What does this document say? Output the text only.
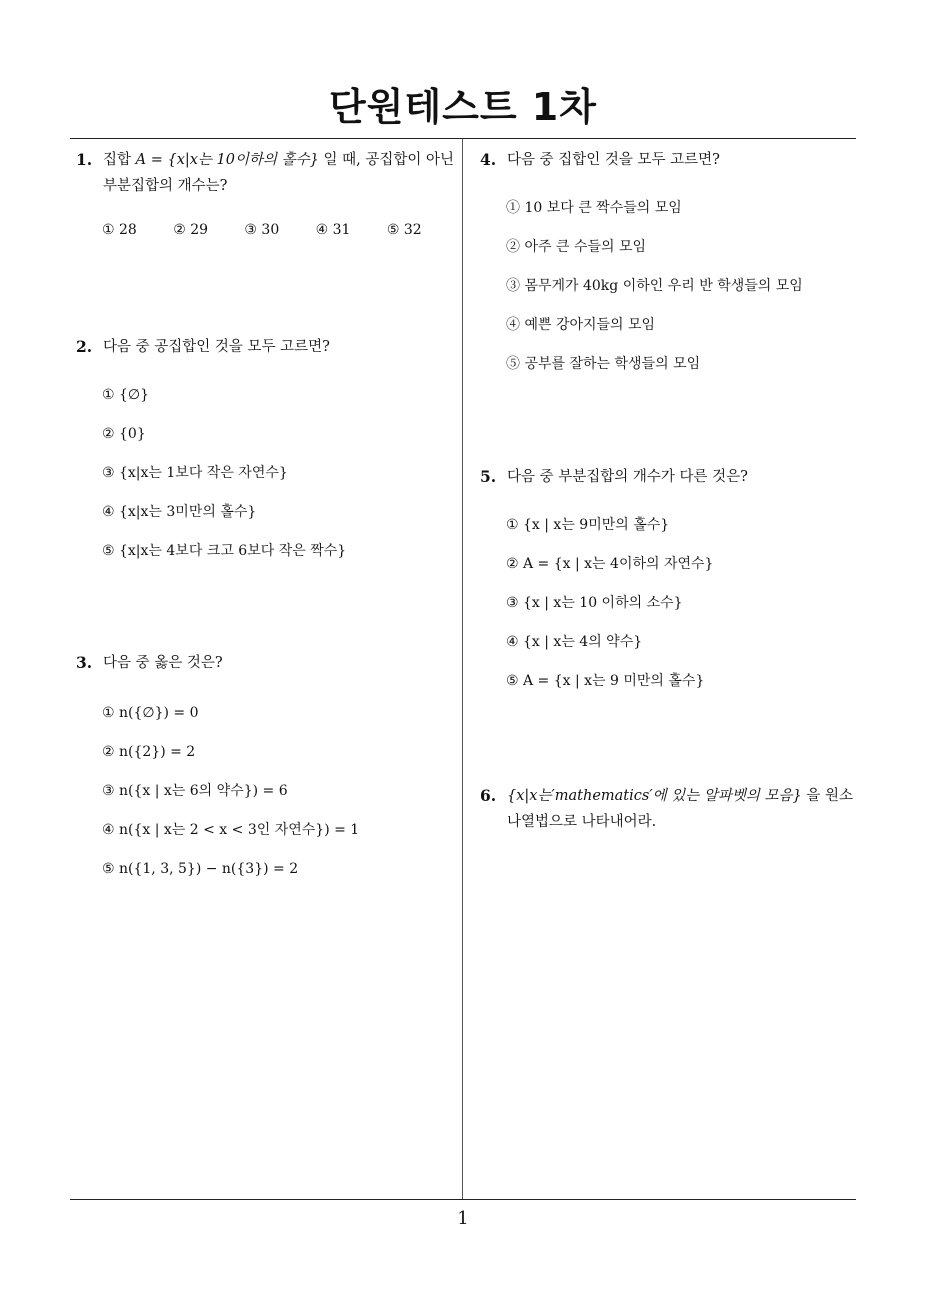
단원테스트 1차
1. 집합 A = {x|x는 10이하의 홀수} 일 때, 공집합이 아닌 부분집합의 개수는?
① 28	② 29	③ 30	④ 31	⑤ 32
2. 다음 중 공집합인 것을 모두 고르면?
① {∅}
② {0}
③ {x|x는 1보다 작은 자연수}
④ {x|x는 3미만의 홀수}
⑤ {x|x는 4보다 크고 6보다 작은 짝수}
3. 다음 중 옳은 것은?
① n({∅}) = 0
② n({2}) = 2
③ n({x | x는 6의 약수}) = 6
④ n({x | x는 2 < x < 3인 자연수}) = 1
⑤ n({1, 3, 5}) − n({3}) = 2
4. 다음 중 집합인 것을 모두 고르면?
① 10 보다 큰 짝수들의 모임
② 아주 큰 수들의 모임
③ 몸무게가 40kg 이하인 우리 반 학생들의 모임
④ 예쁜 강아지들의 모임
⑤ 공부를 잘하는 학생들의 모임
5. 다음 중 부분집합의 개수가 다른 것은?
① {x | x는 9미만의 홀수}
② A = {x | x는 4이하의 자연수}
③ {x | x는 10 이하의 소수}
④ {x | x는 4의 약수}
⑤ A = {x | x는 9 미만의 홀수}
6. {x|x는′mathematics′에 있는 알파벳의 모음} 을 원소나열법으로 나타내어라.
1
